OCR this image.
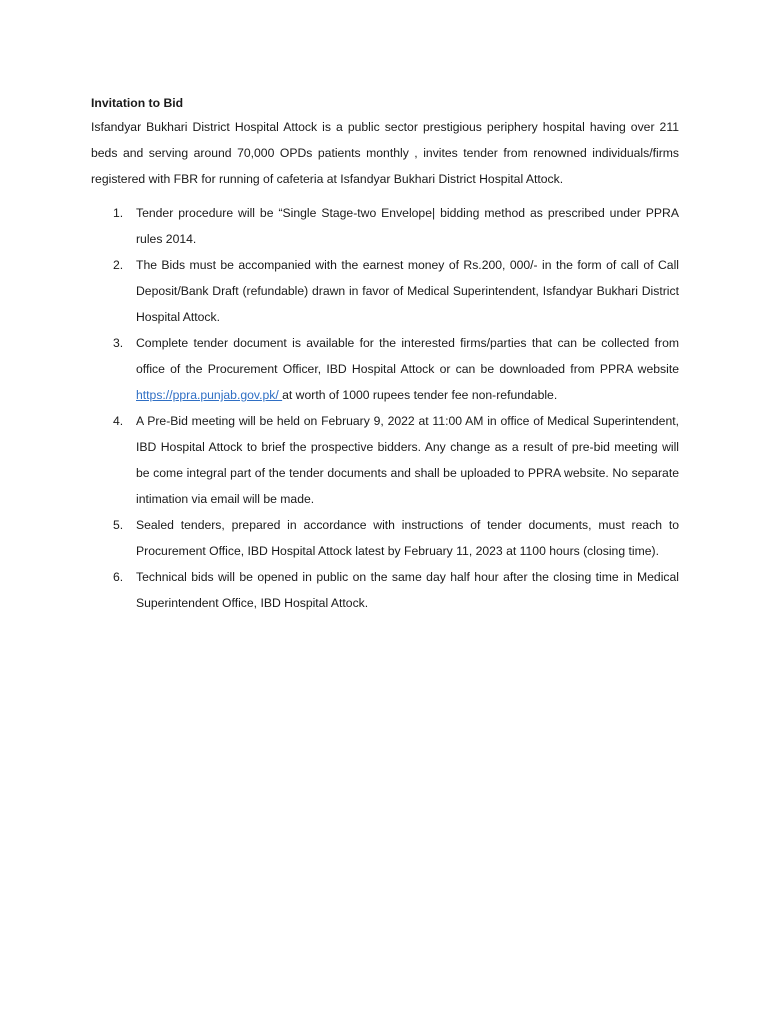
Invitation to Bid

Isfandyar Bukhari District Hospital Attock is a public sector prestigious periphery hospital having over 211 beds and serving around 70,000 OPDs patients monthly , invites tender from renowned individuals/firms registered with FBR for running of cafeteria at Isfandyar Bukhari District Hospital Attock.

1. Tender procedure will be “Single Stage-two Envelope| bidding method as prescribed under PPRA rules 2014.
2. The Bids must be accompanied with the earnest money of Rs.200, 000/- in the form of call of Call Deposit/Bank Draft (refundable) drawn in favor of Medical Superintendent, Isfandyar Bukhari District Hospital Attock.
3. Complete tender document is available for the interested firms/parties that can be collected from office of the Procurement Officer, IBD Hospital Attock or can be downloaded from PPRA website https://ppra.punjab.gov.pk/ at worth of 1000 rupees tender fee non-refundable.
4. A Pre-Bid meeting will be held on February 9, 2022 at 11:00 AM in office of Medical Superintendent, IBD Hospital Attock to brief the prospective bidders. Any change as a result of pre-bid meeting will be come integral part of the tender documents and shall be uploaded to PPRA website. No separate intimation via email will be made.
5. Sealed tenders, prepared in accordance with instructions of tender documents, must reach to Procurement Office, IBD Hospital Attock latest by February 11, 2023 at 1100 hours (closing time).
6. Technical bids will be opened in public on the same day half hour after the closing time in Medical Superintendent Office, IBD Hospital Attock.
